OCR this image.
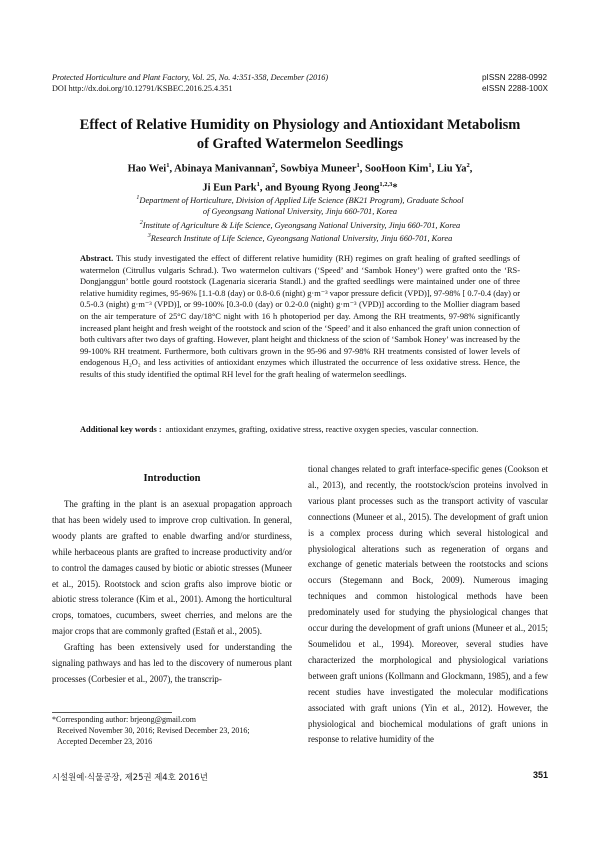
Protected Horticulture and Plant Factory, Vol. 25, No. 4:351-358, December (2016)
DOI http://dx.doi.org/10.12791/KSBEC.2016.25.4.351
pISSN 2288-0992
eISSN 2288-100X
Effect of Relative Humidity on Physiology and Antioxidant Metabolism
of Grafted Watermelon Seedlings
Hao Wei$^1$, Abinaya Manivannan$^2$, Sowbiya Muneer$^1$, SooHoon Kim$^1$, Liu Ya$^2$,
Ji Eun Park$^1$, and Byoung Ryong Jeong$^{1,2,3}$*
$^1$Department of Horticulture, Division of Applied Life Science (BK21 Program), Graduate School
of Gyeongsang National University, Jinju 660-701, Korea
$^2$Institute of Agriculture & Life Science, Gyeongsang National University, Jinju 660-701, Korea
$^3$Research Institute of Life Science, Gyeongsang National University, Jinju 660-701, Korea
Abstract. This study investigated the effect of different relative humidity (RH) regimes on graft healing of grafted seedlings of watermelon (Citrullus vulgaris Schrad.). Two watermelon cultivars (‘Speed’ and ‘Sambok Honey’) were grafted onto the ‘RS-Dongjanggun’ bottle gourd rootstock (Lagenaria siceraria Standl.) and the grafted seedlings were maintained under one of three relative humidity regimes, 95-96% [1.1-0.8 (day) or 0.8-0.6 (night) g·m⁻³ vapor pressure deficit (VPD)], 97-98% [ 0.7-0.4 (day) or 0.5-0.3 (night) g·m⁻³ (VPD)], or 99-100% [0.3-0.0 (day) or 0.2-0.0 (night) g·m⁻³ (VPD)] according to the Mollier diagram based on the air temperature of 25°C day/18°C night with 16 h photoperiod per day. Among the RH treatments, 97-98% significantly increased plant height and fresh weight of the rootstock and scion of the ‘Speed’ and it also enhanced the graft union connection of both cultivars after two days of grafting. However, plant height and thickness of the scion of ‘Sambok Honey’ was increased by the 99-100% RH treatment. Furthermore, both cultivars grown in the 95-96 and 97-98% RH treatments consisted of lower levels of endogenous H₂O₂ and less activities of antioxidant enzymes which illustrated the occurrence of less oxidative stress. Hence, the results of this study identified the optimal RH level for the graft healing of watermelon seedlings.
Additional key words : antioxidant enzymes, grafting, oxidative stress, reactive oxygen species, vascular connection.
Introduction

The grafting in the plant is an asexual propagation approach that has been widely used to improve crop cultivation. In general, woody plants are grafted to enable dwarfing and/or sturdiness, while herbaceous plants are grafted to increase productivity and/or to control the damages caused by biotic or abiotic stresses (Muneer et al., 2015). Rootstock and scion grafts also improve biotic or abiotic stress tolerance (Kim et al., 2001). Among the horticultural crops, tomatoes, cucumbers, sweet cherries, and melons are the major crops that are commonly grafted (Estañ et al., 2005).

Grafting has been extensively used for understanding the signaling pathways and has led to the discovery of numerous plant processes (Corbesier et al., 2007), the transcrip-

tional changes related to graft interface-specific genes (Cookson et al., 2013), and recently, the rootstock/scion proteins involved in various plant processes such as the transport activity of vascular connections (Muneer et al., 2015). The development of graft union is a complex process during which several histological and physiological alterations such as regeneration of organs and exchange of genetic materials between the rootstocks and scions occurs (Stegemann and Bock, 2009). Numerous imaging techniques and common histological methods have been predominately used for studying the physiological changes that occur during the development of graft unions (Muneer et al., 2015; Soumelidou et al., 1994). Moreover, several studies have characterized the morphological and physiological variations between graft unions (Kollmann and Glockmann, 1985), and a few recent studies have investigated the molecular modifications associated with graft unions (Yin et al., 2012). However, the physiological and biochemical modulations of graft unions in response to relative humidity of the

*Corresponding author: brjeong@gmail.com
Received November 30, 2016; Revised December 23, 2016;
Accepted December 23, 2016
시설원예·식물공장, 제25권 제4호 2016년	351
